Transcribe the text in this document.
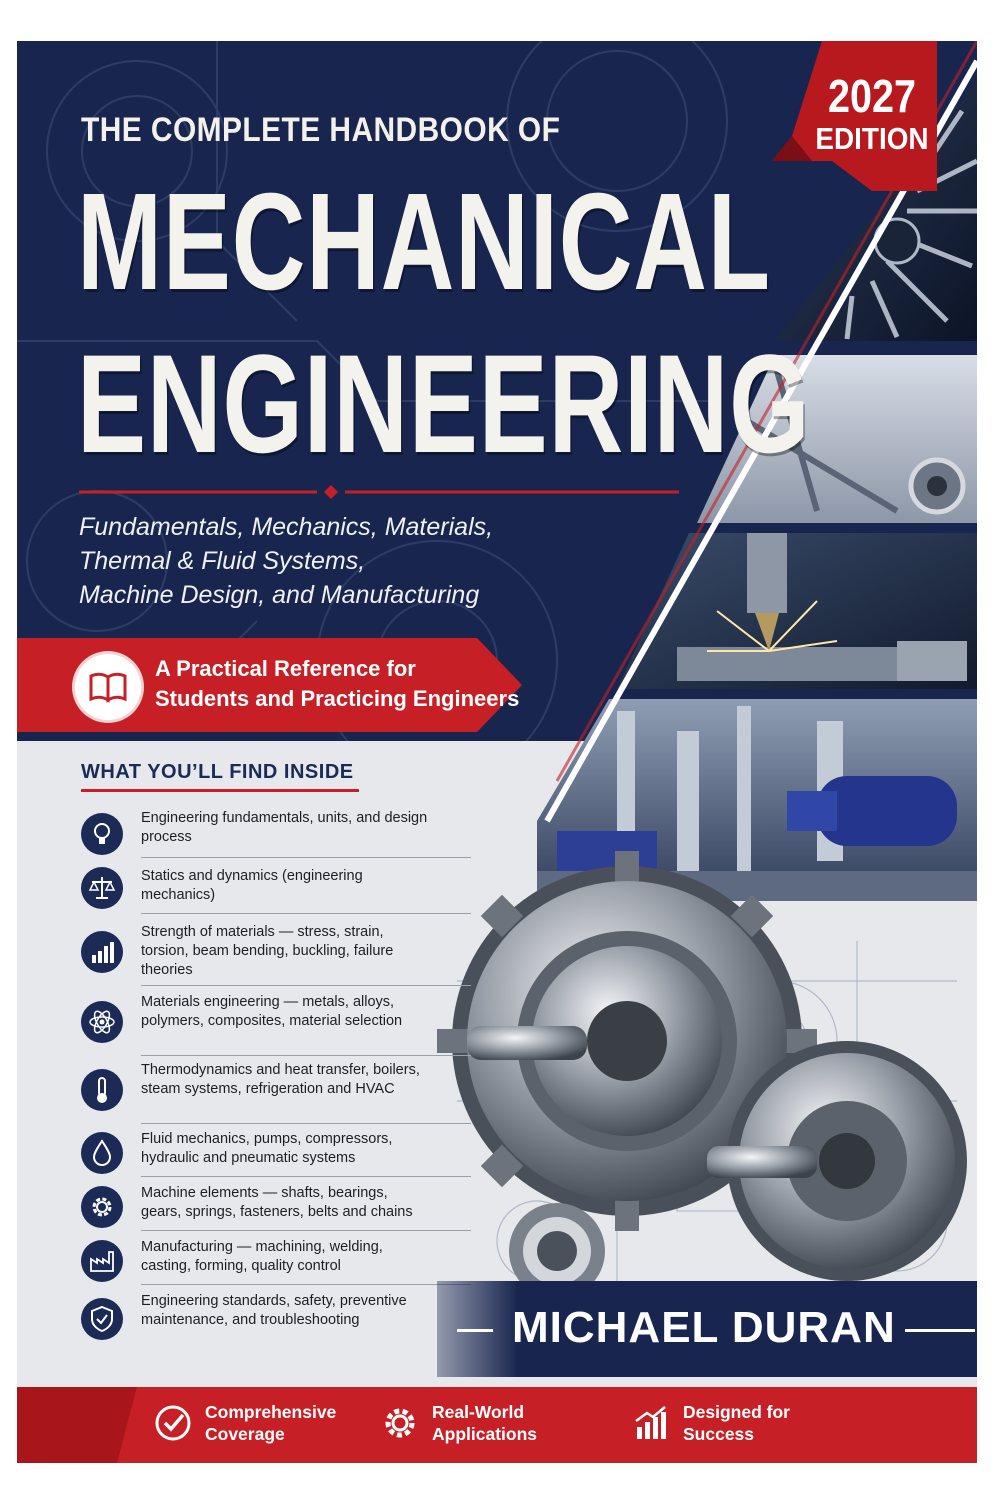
THE COMPLETE HANDBOOK OF
MECHANICAL
ENGINEERING
Fundamentals, Mechanics, Materials,
Thermal & Fluid Systems,
Machine Design, and Manufacturing
2027
EDITION
A Practical Reference for
Students and Practicing Engineers
WHAT YOU’LL FIND INSIDE
Engineering fundamentals, units, and design process
Statics and dynamics (engineering mechanics)
Strength of materials — stress, strain, torsion, beam bending, buckling, failure theories
Materials engineering — metals, alloys, polymers, composites, material selection
Thermodynamics and heat transfer, boilers, steam systems, refrigeration and HVAC
Fluid mechanics, pumps, compressors, hydraulic and pneumatic systems
Machine elements — shafts, bearings, gears, springs, fasteners, belts and chains
Manufacturing — machining, welding, casting, forming, quality control
Engineering standards, safety, preventive maintenance, and troubleshooting	MICHAEL DURAN
Comprehensive
Coverage
Real-World
Applications
Designed for
Success
